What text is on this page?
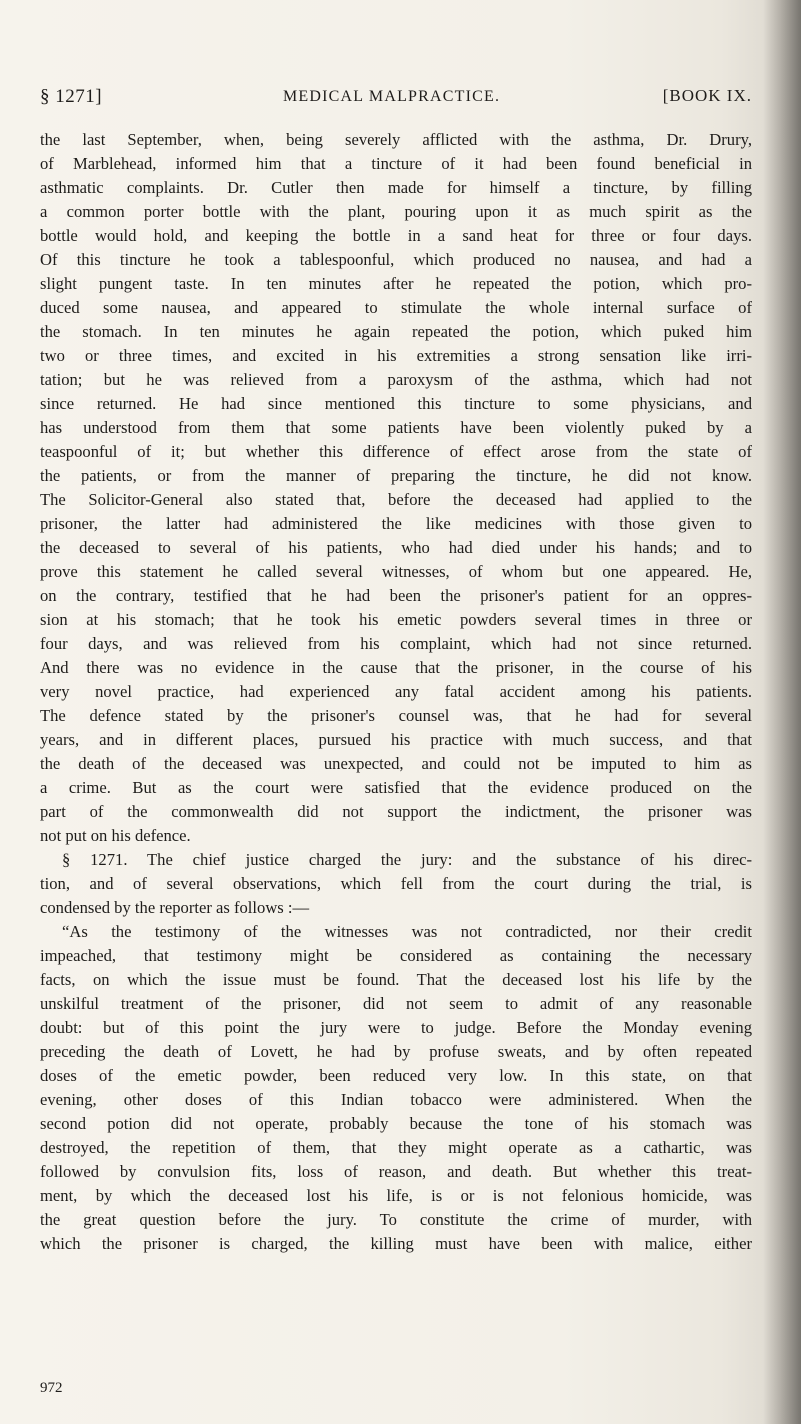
§ 1271]	MEDICAL MALPRACTICE.	[BOOK IX.
the last September, when, being severely afflicted with the asthma, Dr. Drury,
of Marblehead, informed him that a tincture of it had been found beneficial in
asthmatic complaints. Dr. Cutler then made for himself a tincture, by filling
a common porter bottle with the plant, pouring upon it as much spirit as the
bottle would hold, and keeping the bottle in a sand heat for three or four days.
Of this tincture he took a tablespoonful, which produced no nausea, and had a
slight pungent taste. In ten minutes after he repeated the potion, which pro-
duced some nausea, and appeared to stimulate the whole internal surface of
the stomach. In ten minutes he again repeated the potion, which puked him
two or three times, and excited in his extremities a strong sensation like irri-
tation; but he was relieved from a paroxysm of the asthma, which had not
since returned. He had since mentioned this tincture to some physicians, and
has understood from them that some patients have been violently puked by a
teaspoonful of it; but whether this difference of effect arose from the state of
the patients, or from the manner of preparing the tincture, he did not know.
The Solicitor-General also stated that, before the deceased had applied to the
prisoner, the latter had administered the like medicines with those given to
the deceased to several of his patients, who had died under his hands; and to
prove this statement he called several witnesses, of whom but one appeared. He,
on the contrary, testified that he had been the prisoner's patient for an oppres-
sion at his stomach; that he took his emetic powders several times in three or
four days, and was relieved from his complaint, which had not since returned.
And there was no evidence in the cause that the prisoner, in the course of his
very novel practice, had experienced any fatal accident among his patients.
The defence stated by the prisoner's counsel was, that he had for several
years, and in different places, pursued his practice with much success, and that
the death of the deceased was unexpected, and could not be imputed to him as
a crime. But as the court were satisfied that the evidence produced on the
part of the commonwealth did not support the indictment, the prisoner was
not put on his defence.
§ 1271. The chief justice charged the jury: and the substance of his direc-
tion, and of several observations, which fell from the court during the trial, is
condensed by the reporter as follows :—
“As the testimony of the witnesses was not contradicted, nor their credit
impeached, that testimony might be considered as containing the necessary
facts, on which the issue must be found. That the deceased lost his life by the
unskilful treatment of the prisoner, did not seem to admit of any reasonable
doubt: but of this point the jury were to judge. Before the Monday evening
preceding the death of Lovett, he had by profuse sweats, and by often repeated
doses of the emetic powder, been reduced very low. In this state, on that
evening, other doses of this Indian tobacco were administered. When the
second potion did not operate, probably because the tone of his stomach was
destroyed, the repetition of them, that they might operate as a cathartic, was
followed by convulsion fits, loss of reason, and death. But whether this treat-
ment, by which the deceased lost his life, is or is not felonious homicide, was
the great question before the jury. To constitute the crime of murder, with
which the prisoner is charged, the killing must have been with malice, either
972
